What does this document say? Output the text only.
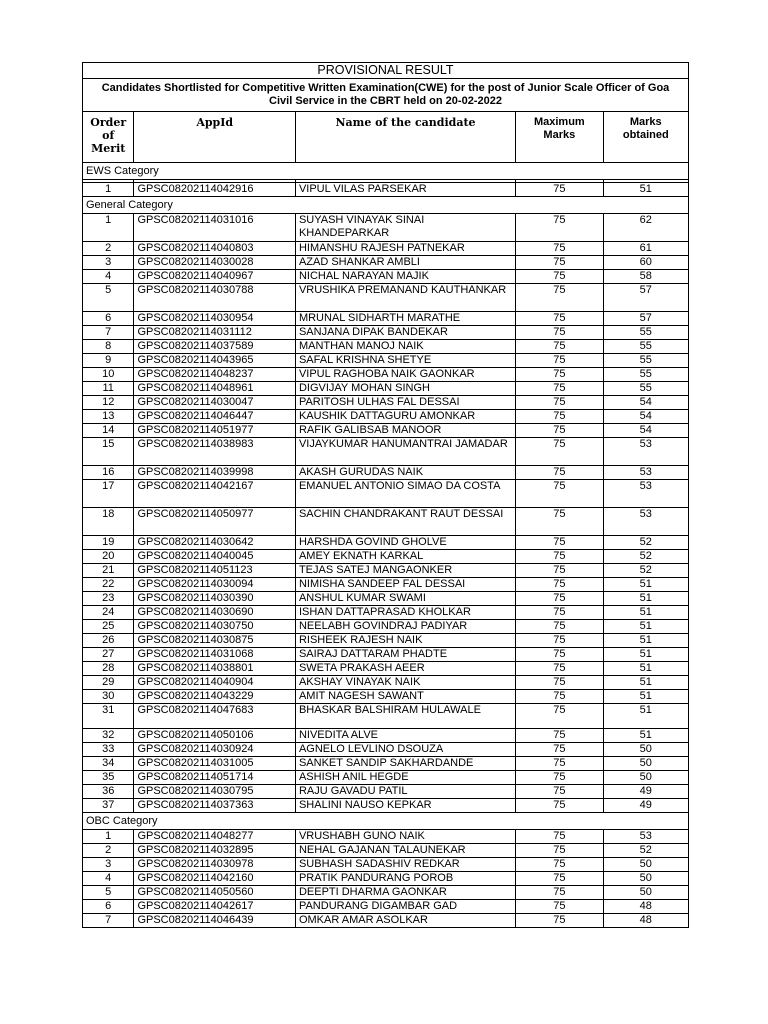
PROVISIONAL RESULT				
Candidates Shortlisted for Competitive Written Examination(CWE) for the post of Junior Scale Officer of Goa Civil Service in the CBRT held on 20-02-2022				
Order of Merit	AppId	Name of the candidate	Maximum Marks	Marks obtained
EWS Category				

1	GPSC08202114042916	VIPUL VILAS PARSEKAR	75	51
General Category				
1	GPSC08202114031016	SUYASH VINAYAK SINAI KHANDEPARKAR	75	62
2	GPSC08202114040803	HIMANSHU RAJESH PATNEKAR	75	61
3	GPSC08202114030028	AZAD SHANKAR AMBLI	75	60
4	GPSC08202114040967	NICHAL NARAYAN MAJIK	75	58
5	GPSC08202114030788	VRUSHIKA PREMANAND KAUTHANKAR	75	57
6	GPSC08202114030954	MRUNAL SIDHARTH MARATHE	75	57
7	GPSC08202114031112	SANJANA DIPAK BANDEKAR	75	55
8	GPSC08202114037589	MANTHAN MANOJ NAIK	75	55
9	GPSC08202114043965	SAFAL KRISHNA SHETYE	75	55
10	GPSC08202114048237	VIPUL RAGHOBA NAIK GAONKAR	75	55
11	GPSC08202114048961	DIGVIJAY MOHAN SINGH	75	55
12	GPSC08202114030047	PARITOSH ULHAS FAL DESSAI	75	54
13	GPSC08202114046447	KAUSHIK DATTAGURU AMONKAR	75	54
14	GPSC08202114051977	RAFIK GALIBSAB MANOOR	75	54
15	GPSC08202114038983	VIJAYKUMAR HANUMANTRAI JAMADAR	75	53
16	GPSC08202114039998	AKASH GURUDAS NAIK	75	53
17	GPSC08202114042167	EMANUEL ANTONIO SIMAO DA COSTA	75	53
18	GPSC08202114050977	SACHIN CHANDRAKANT RAUT DESSAI	75	53
19	GPSC08202114030642	HARSHDA GOVIND GHOLVE	75	52
20	GPSC08202114040045	AMEY EKNATH KARKAL	75	52
21	GPSC08202114051123	TEJAS SATEJ MANGAONKER	75	52
22	GPSC08202114030094	NIMISHA SANDEEP FAL DESSAI	75	51
23	GPSC08202114030390	ANSHUL KUMAR SWAMI	75	51
24	GPSC08202114030690	ISHAN DATTAPRASAD KHOLKAR	75	51
25	GPSC08202114030750	NEELABH GOVINDRAJ PADIYAR	75	51
26	GPSC08202114030875	RISHEEK RAJESH NAIK	75	51
27	GPSC08202114031068	SAIRAJ DATTARAM PHADTE	75	51
28	GPSC08202114038801	SWETA PRAKASH AEER	75	51
29	GPSC08202114040904	AKSHAY VINAYAK NAIK	75	51
30	GPSC08202114043229	AMIT NAGESH SAWANT	75	51
31	GPSC08202114047683	BHASKAR BALSHIRAM HULAWALE	75	51
32	GPSC08202114050106	NIVEDITA ALVE	75	51
33	GPSC08202114030924	AGNELO LEVLINO DSOUZA	75	50
34	GPSC08202114031005	SANKET SANDIP SAKHARDANDE	75	50
35	GPSC08202114051714	ASHISH ANIL HEGDE	75	50
36	GPSC08202114030795	RAJU GAVADU PATIL	75	49
37	GPSC08202114037363	SHALINI NAUSO KEPKAR	75	49
OBC Category				
1	GPSC08202114048277	VRUSHABH GUNO NAIK	75	53
2	GPSC08202114032895	NEHAL GAJANAN TALAUNEKAR	75	52
3	GPSC08202114030978	SUBHASH SADASHIV REDKAR	75	50
4	GPSC08202114042160	PRATIK PANDURANG POROB	75	50
5	GPSC08202114050560	DEEPTI DHARMA GAONKAR	75	50
6	GPSC08202114042617	PANDURANG DIGAMBAR GAD	75	48
7	GPSC08202114046439	OMKAR AMAR ASOLKAR	75	48
